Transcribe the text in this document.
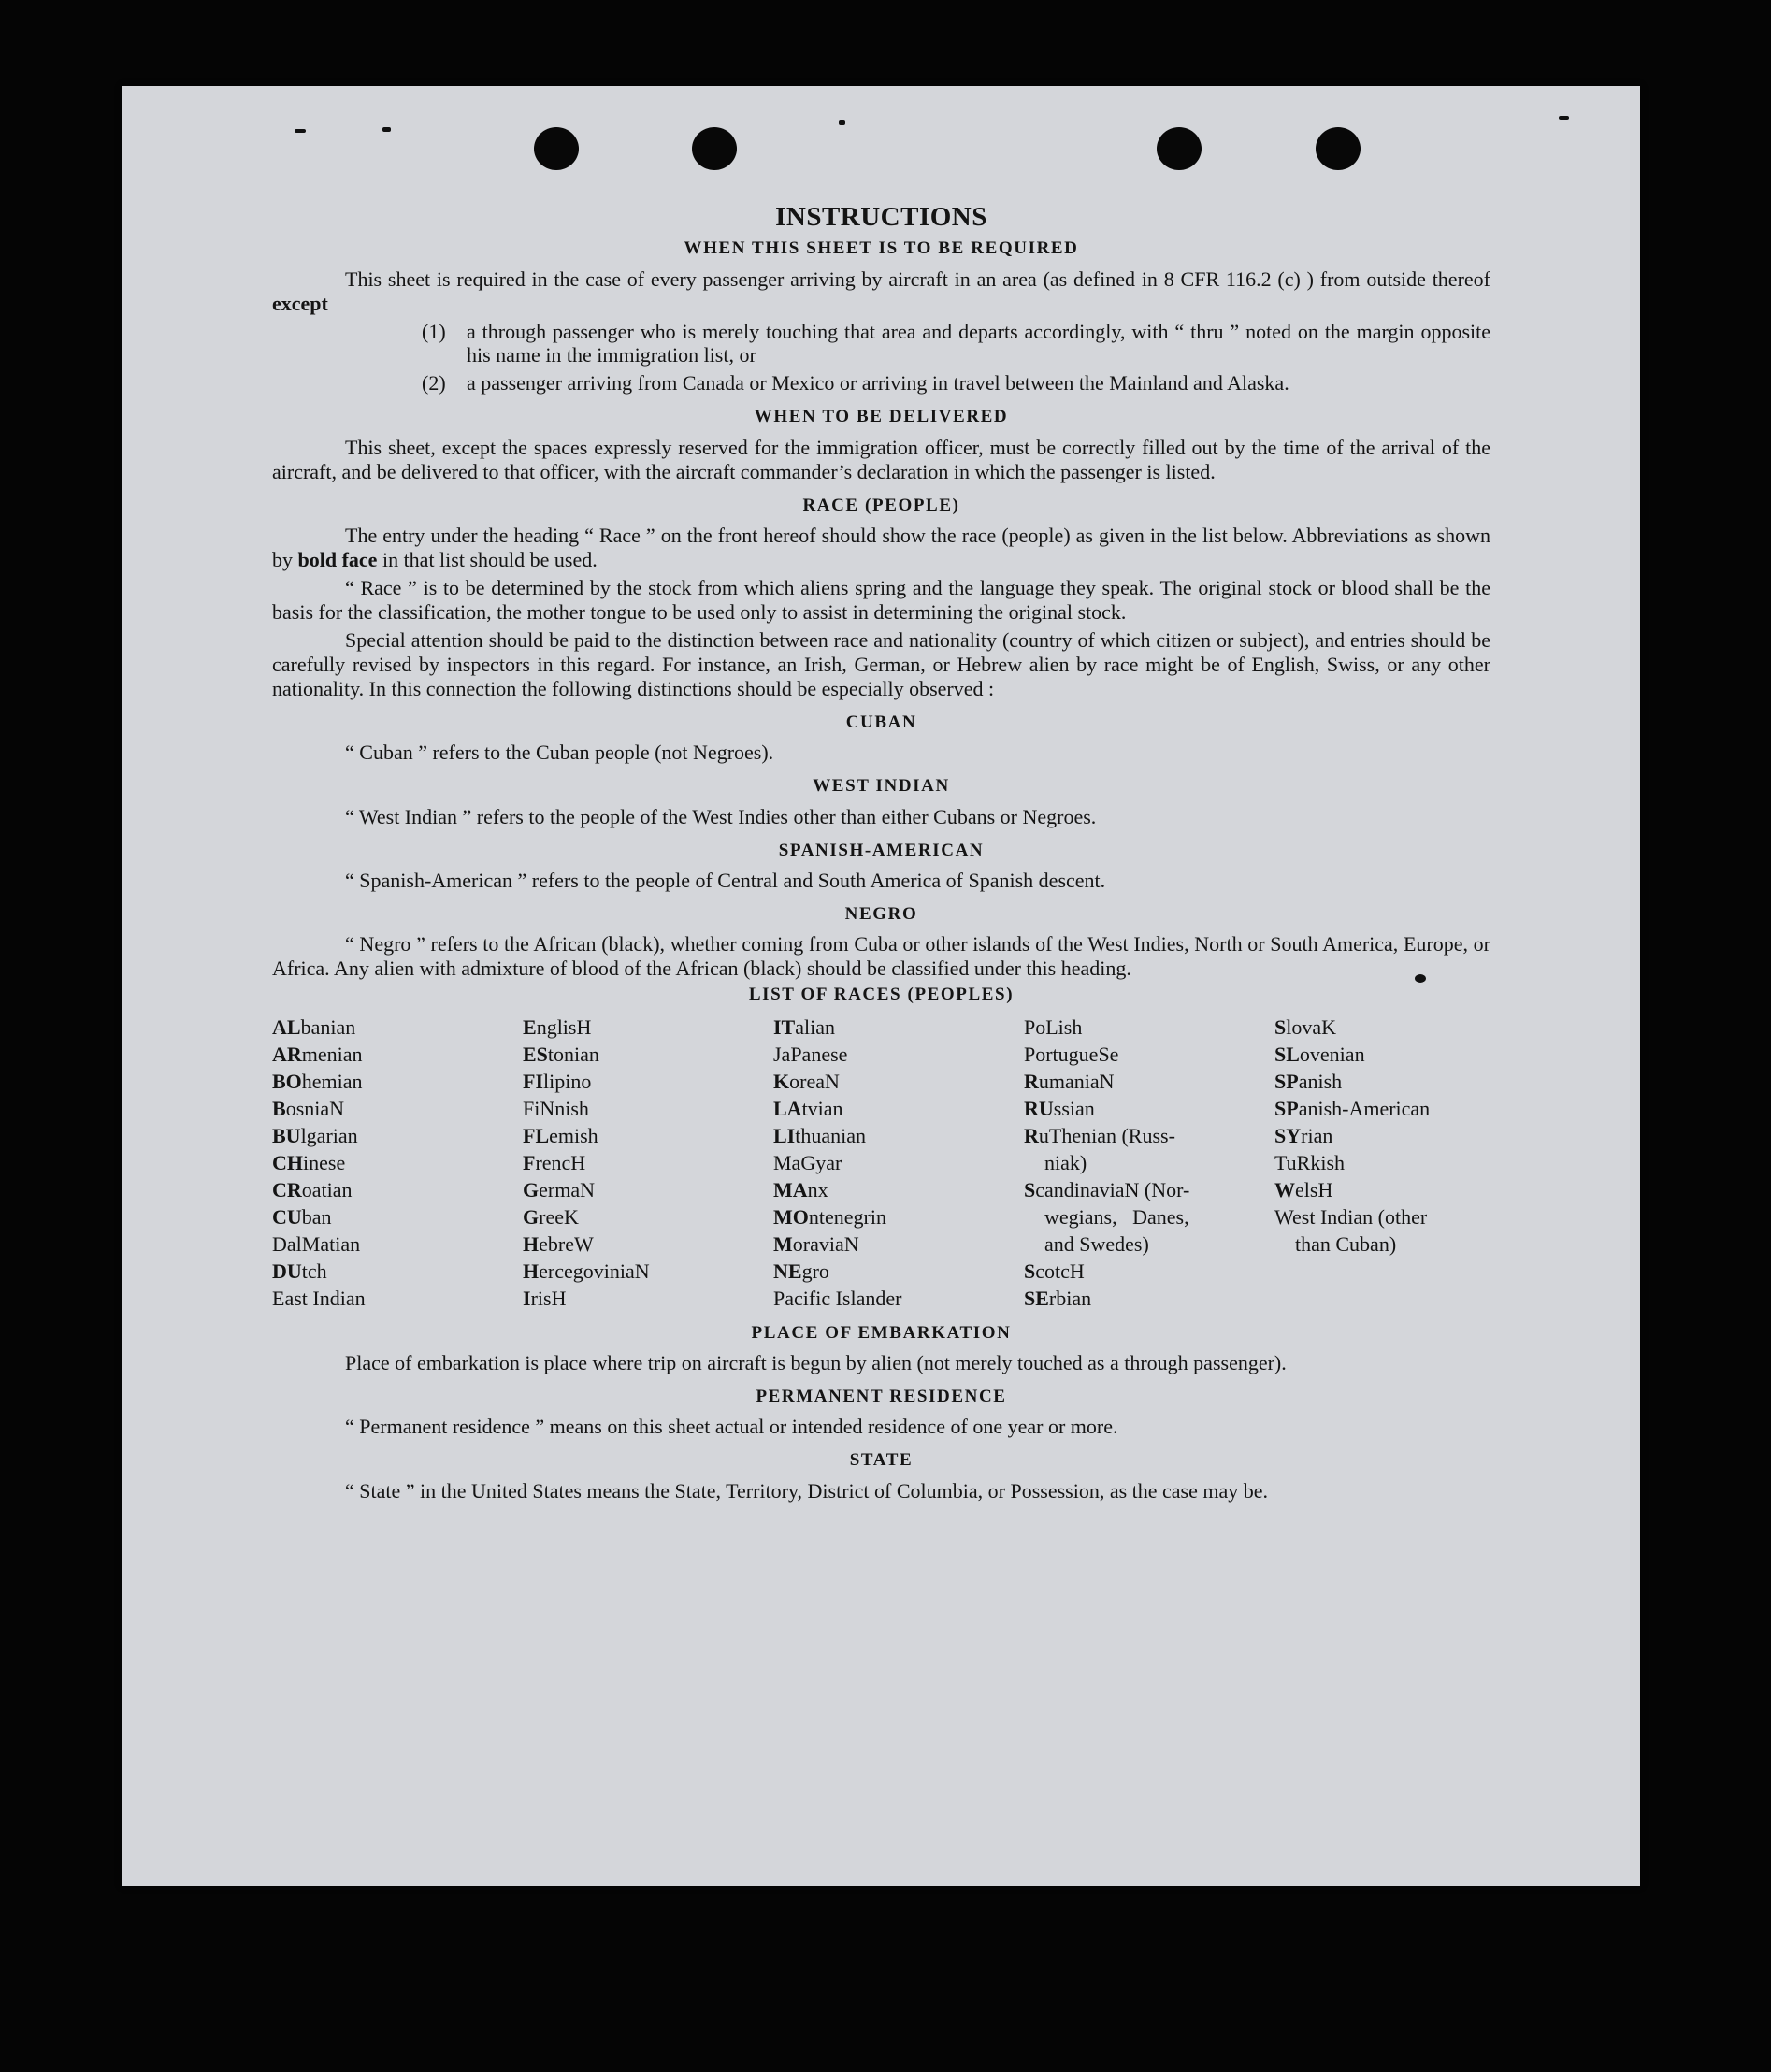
INSTRUCTIONS
WHEN THIS SHEET IS TO BE REQUIRED

This sheet is required in the case of every passenger arriving by aircraft in an area (as defined in 8 CFR 116.2 (c) ) from outside thereof except

(1)	a through passenger who is merely touching that area and departs accordingly, with “ thru ” noted on the margin opposite his name in the immigration list, or
(2)	a passenger arriving from Canada or Mexico or arriving in travel between the Mainland and Alaska.
WHEN TO BE DELIVERED

This sheet, except the spaces expressly reserved for the immigration officer, must be correctly filled out by the time of the arrival of the aircraft, and be delivered to that officer, with the aircraft commander’s declaration in which the passenger is listed.

RACE (PEOPLE)

The entry under the heading “ Race ” on the front hereof should show the race (people) as given in the list below. Abbreviations as shown by bold face in that list should be used.

“ Race ” is to be determined by the stock from which aliens spring and the language they speak. The original stock or blood shall be the basis for the classification, the mother tongue to be used only to assist in determining the original stock.

Special attention should be paid to the distinction between race and nationality (country of which citizen or subject), and entries should be carefully revised by inspectors in this regard. For instance, an Irish, German, or Hebrew alien by race might be of English, Swiss, or any other nationality. In this connection the following distinctions should be especially observed :

CUBAN
“ Cuban ” refers to the Cuban people (not Negroes).
WEST INDIAN
“ West Indian ” refers to the people of the West Indies other than either Cubans or Negroes.
SPANISH-AMERICAN
“ Spanish-American ” refers to the people of Central and South America of Spanish descent.
NEGRO

“ Negro ” refers to the African (black), whether coming from Cuba or other islands of the West Indies, North or South America, Europe, or Africa. Any alien with admixture of blood of the African (black) should be classified under this heading.

LIST OF RACES (PEOPLES)
ALbanian
ARmenian
BOhemian
BosniaN
BUlgarian
CHinese
CRoatian
CUban
DalMatian
DUtch
East Indian
EnglisH
EStonian
FIlipino
FiNnish
FLemish
FrencH
GermaN
GreeK
HebreW
HercegoviniaN
IrisH
ITalian
JaPanese
KoreaN
LAtvian
LIthuanian
MaGyar
MAnx
MOntenegrin
MoraviaN
NEgro
Pacific Islander
PoLish
PortugueSe
RumaniaN
RUssian
RuThenian (Russ-
niak)
ScandinaviaN (Nor-
wegians,   Danes,
and Swedes)
ScotcH
SErbian
SlovaK
SLovenian
SPanish
SPanish-American
SYrian
TuRkish
WelsH
West Indian (other
than Cuban)
PLACE OF EMBARKATION

Place of embarkation is place where trip on aircraft is begun by alien (not merely touched as a through passenger).

PERMANENT RESIDENCE
“ Permanent residence ” means on this sheet actual or intended residence of one year or more.
STATE

“ State ” in the United States means the State, Territory, District of Columbia, or Possession, as the case may be.
